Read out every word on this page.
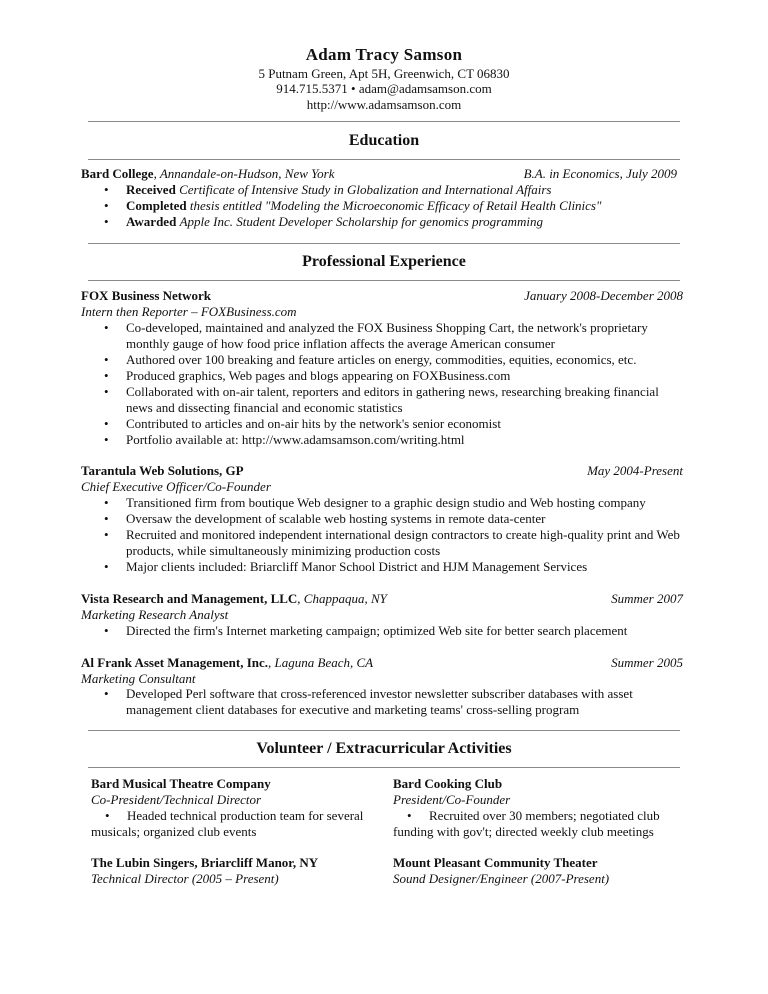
Adam Tracy Samson
5 Putnam Green, Apt 5H, Greenwich, CT 06830
914.715.5371 • adam@adamsamson.com
http://www.adamsamson.com
Education
Bard College, Annandale-on-Hudson, New York	B.A. in Economics, July 2009
• Received Certificate of Intensive Study in Globalization and International Affairs
• Completed thesis entitled "Modeling the Microeconomic Efficacy of Retail Health Clinics"
• Awarded Apple Inc. Student Developer Scholarship for genomics programming
Professional Experience
FOX Business Network	January 2008-December 2008
Intern then Reporter – FOXBusiness.com
• Co-developed, maintained and analyzed the FOX Business Shopping Cart, the network's proprietary monthly gauge of how food price inflation affects the average American consumer
• Authored over 100 breaking and feature articles on energy, commodities, equities, economics, etc.
• Produced graphics, Web pages and blogs appearing on FOXBusiness.com
• Collaborated with on-air talent, reporters and editors in gathering news, researching breaking financial news and dissecting financial and economic statistics
• Contributed to articles and on-air hits by the network's senior economist
• Portfolio available at: http://www.adamsamson.com/writing.html
Tarantula Web Solutions, GP	May 2004-Present
Chief Executive Officer/Co-Founder
• Transitioned firm from boutique Web designer to a graphic design studio and Web hosting company
• Oversaw the development of scalable web hosting systems in remote data-center
• Recruited and monitored independent international design contractors to create high-quality print and Web products, while simultaneously minimizing production costs
• Major clients included: Briarcliff Manor School District and HJM Management Services
Vista Research and Management, LLC, Chappaqua, NY	Summer 2007
Marketing Research Analyst
• Directed the firm's Internet marketing campaign; optimized Web site for better search placement
Al Frank Asset Management, Inc., Laguna Beach, CA	Summer 2005
Marketing Consultant
• Developed Perl software that cross-referenced investor newsletter subscriber databases with asset management client databases for executive and marketing teams' cross-selling program
Volunteer / Extracurricular Activities
Bard Musical Theatre Company
Co-President/Technical Director
• Headed technical production team for several musicals; organized club events
Bard Cooking Club
President/Co-Founder
• Recruited over 30 members; negotiated club funding with gov't; directed weekly club meetings
The Lubin Singers, Briarcliff Manor, NY
Technical Director (2005 – Present)
Mount Pleasant Community Theater
Sound Designer/Engineer (2007-Present)
